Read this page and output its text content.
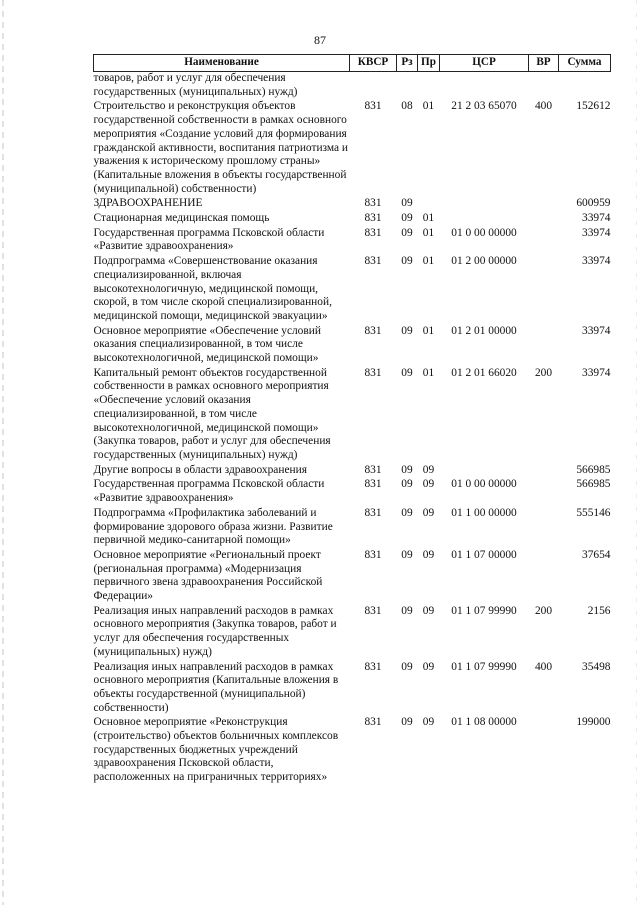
87
Наименование	КВСР	Рз	Пр	ЦСР	ВР	Сумма
товаров, работ и услуг для обеспечения государственных (муниципальных) нужд)						
Строительство и реконструкция объектов государственной собственности в рамках основного мероприятия «Создание условий для формирования гражданской активности, воспитания патриотизма и уважения к историческому прошлому страны» (Капитальные вложения в объекты государственной (муниципальной) собственности)	831	08	01	21 2 03 65070	400	152612
ЗДРАВООХРАНЕНИЕ	831	09				600959
Стационарная медицинская помощь	831	09	01			33974
Государственная программа Псковской области «Развитие здравоохранения»	831	09	01	01 0 00 00000		33974
Подпрограмма «Совершенствование оказания специализированной, включая высокотехнологичную, медицинской помощи, скорой, в том числе скорой специализированной, медицинской помощи, медицинской эвакуации»	831	09	01	01 2 00 00000		33974
Основное мероприятие «Обеспечение условий оказания специализированной, в том числе высокотехнологичной, медицинской помощи»	831	09	01	01 2 01 00000		33974
Капитальный ремонт объектов государственной собственности в рамках основного мероприятия «Обеспечение условий оказания специализированной, в том числе высокотехнологичной, медицинской помощи» (Закупка товаров, работ и услуг для обеспечения государственных (муниципальных) нужд)	831	09	01	01 2 01 66020	200	33974
Другие вопросы в области здравоохранения	831	09	09			566985
Государственная программа Псковской области «Развитие здравоохранения»	831	09	09	01 0 00 00000		566985
Подпрограмма «Профилактика заболеваний и формирование здорового образа жизни. Развитие первичной медико-санитарной помощи»	831	09	09	01 1 00 00000		555146
Основное мероприятие «Региональный проект (региональная программа) «Модернизация первичного звена здравоохранения Российской Федерации»	831	09	09	01 1 07 00000		37654
Реализация иных направлений расходов в рамках основного мероприятия (Закупка товаров, работ и услуг для обеспечения государственных (муниципальных) нужд)	831	09	09	01 1 07 99990	200	2156
Реализация иных направлений расходов в рамках основного мероприятия (Капитальные вложения в объекты государственной (муниципальной) собственности)	831	09	09	01 1 07 99990	400	35498
Основное мероприятие «Реконструкция (строительство) объектов больничных комплексов государственных бюджетных учреждений здравоохранения Псковской области, расположенных на приграничных территориях»	831	09	09	01 1 08 00000		199000
